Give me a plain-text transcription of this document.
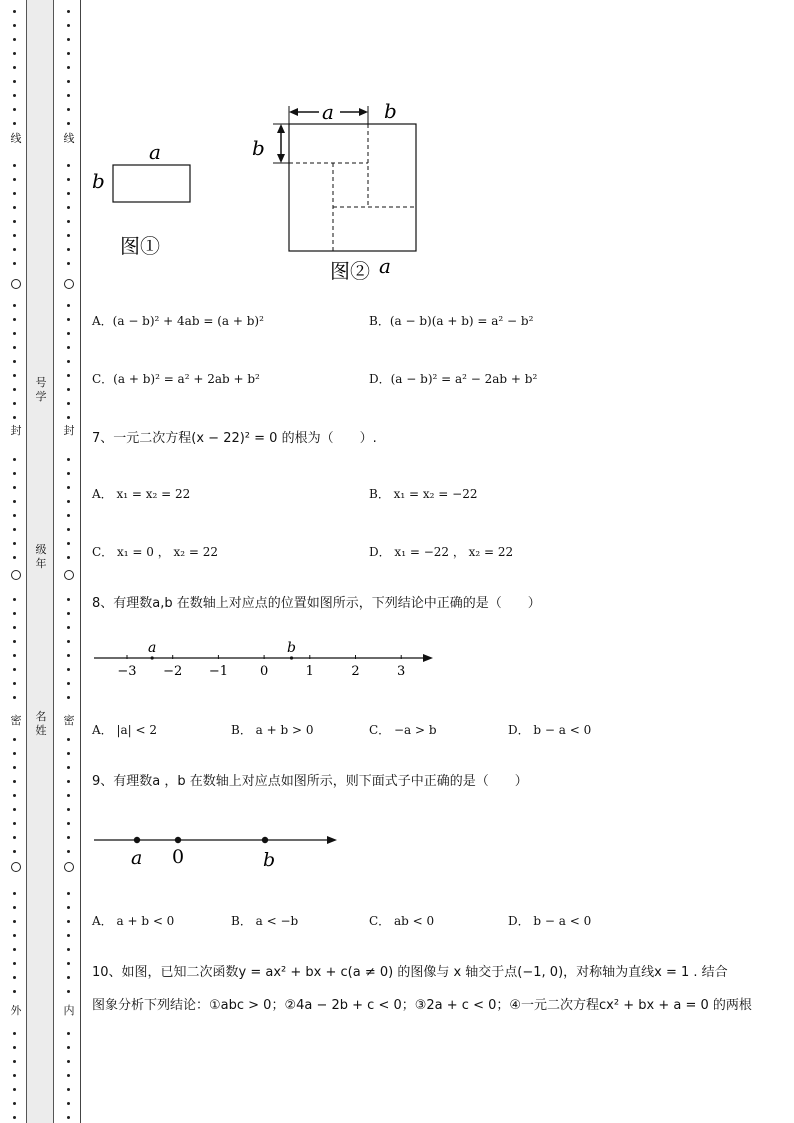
线
封
密
外
线
封
密
内
号学
级年
名姓
a
b
图①
a	b
b
图② a
A．(a − b)² + 4ab = (a + b)²	B．(a − b)(a + b) = a² − b²
C．(a + b)² = a² + 2ab + b²	D．(a − b)² = a² − 2ab + b²
7、一元二次方程(x − 22)² = 0 的根为（　　）.
A． x₁ = x₂ = 22	B． x₁ = x₂ = −22
C． x₁ = 0 ， x₂ = 22	D． x₁ = −22 ， x₂ = 22
8、有理数a,b 在数轴上对应点的位置如图所示，下列结论中正确的是（　　）
−3 −2 −1 0	1	2	3
a	b
A． |a| < 2	B． a + b > 0	C． −a > b	D． b − a < 0
9、有理数a ，b 在数轴上对应点如图所示，则下面式子中正确的是（　　）
a 0	b
A． a + b < 0	B． a < −b	C． ab < 0	D． b − a < 0
10、如图，已知二次函数y = ax² + bx + c(a ≠ 0) 的图像与 x 轴交于点(−1, 0)，对称轴为直线x = 1 . 结合
图象分析下列结论：①abc > 0；②4a − 2b + c < 0；③2a + c < 0；④一元二次方程cx² + bx + a = 0 的两根
